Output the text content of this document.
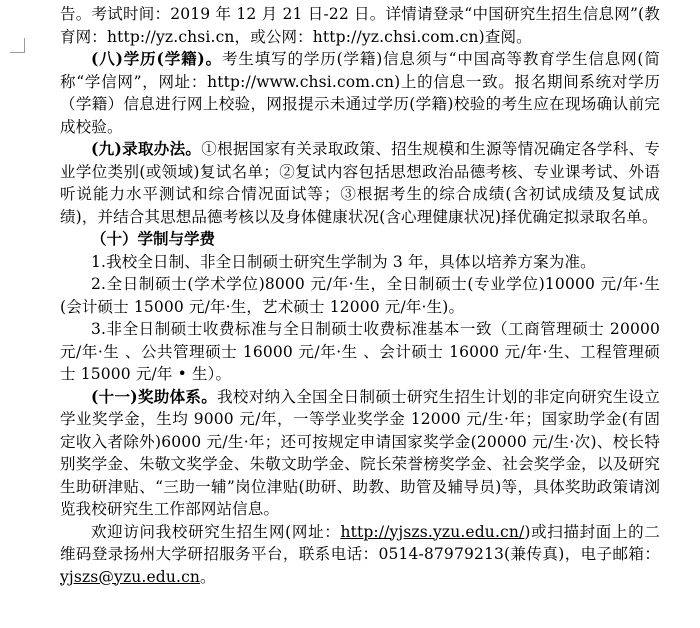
告。考试时间：2019 年 12 月 21 日-22 日。详情请登录“中国研究生招生信息网”(教育网：http://yz.chsi.cn，或公网：http://yz.chsi.com.cn)查阅。

(八)学历(学籍)。考生填写的学历(学籍)信息须与“中国高等教育学生信息网(简称“学信网”，网址：http://www.chsi.com.cn)上的信息一致。报名期间系统对学历（学籍）信息进行网上校验，网报提示未通过学历(学籍)校验的考生应在现场确认前完成校验。

(九)录取办法。①根据国家有关录取政策、招生规模和生源等情况确定各学科、专业学位类别(或领域)复试名单；②复试内容包括思想政治品德考核、专业课考试、外语听说能力水平测试和综合情况面试等；③根据考生的综合成绩(含初试成绩及复试成绩)，并结合其思想品德考核以及身体健康状况(含心理健康状况)择优确定拟录取名单。

（十）学制与学费

1.我校全日制、非全日制硕士研究生学制为 3 年，具体以培养方案为准。

2.全日制硕士(学术学位)8000 元/年·生，全日制硕士(专业学位)10000 元/年·生(会计硕士 15000 元/年·生，艺术硕士 12000 元/年·生)。

3.非全日制硕士收费标准与全日制硕士收费标准基本一致（工商管理硕士 20000 元/年·生 、公共管理硕士 16000 元/年·生 、会计硕士 16000 元/年·生、工程管理硕士 15000 元/年 • 生）。

(十一)奖助体系。我校对纳入全国全日制硕士研究生招生计划的非定向研究生设立学业奖学金，生均 9000 元/年，一等学业奖学金 12000 元/生·年；国家助学金(有固定收入者除外)6000 元/生·年；还可按规定申请国家奖学金(20000 元/生·次)、校长特别奖学金、朱敬文奖学金、朱敬文助学金、院长荣誉榜奖学金、社会奖学金，以及研究生助研津贴、“三助一辅”岗位津贴(助研、助教、助管及辅导员)等，具体奖助政策请浏览我校研究生工作部网站信息。

欢迎访问我校研究生招生网(网址：http://yjszs.yzu.edu.cn/)或扫描封面上的二维码登录扬州大学研招服务平台，联系电话：0514-87979213(兼传真)，电子邮箱：yjszs@yzu.edu.cn。
